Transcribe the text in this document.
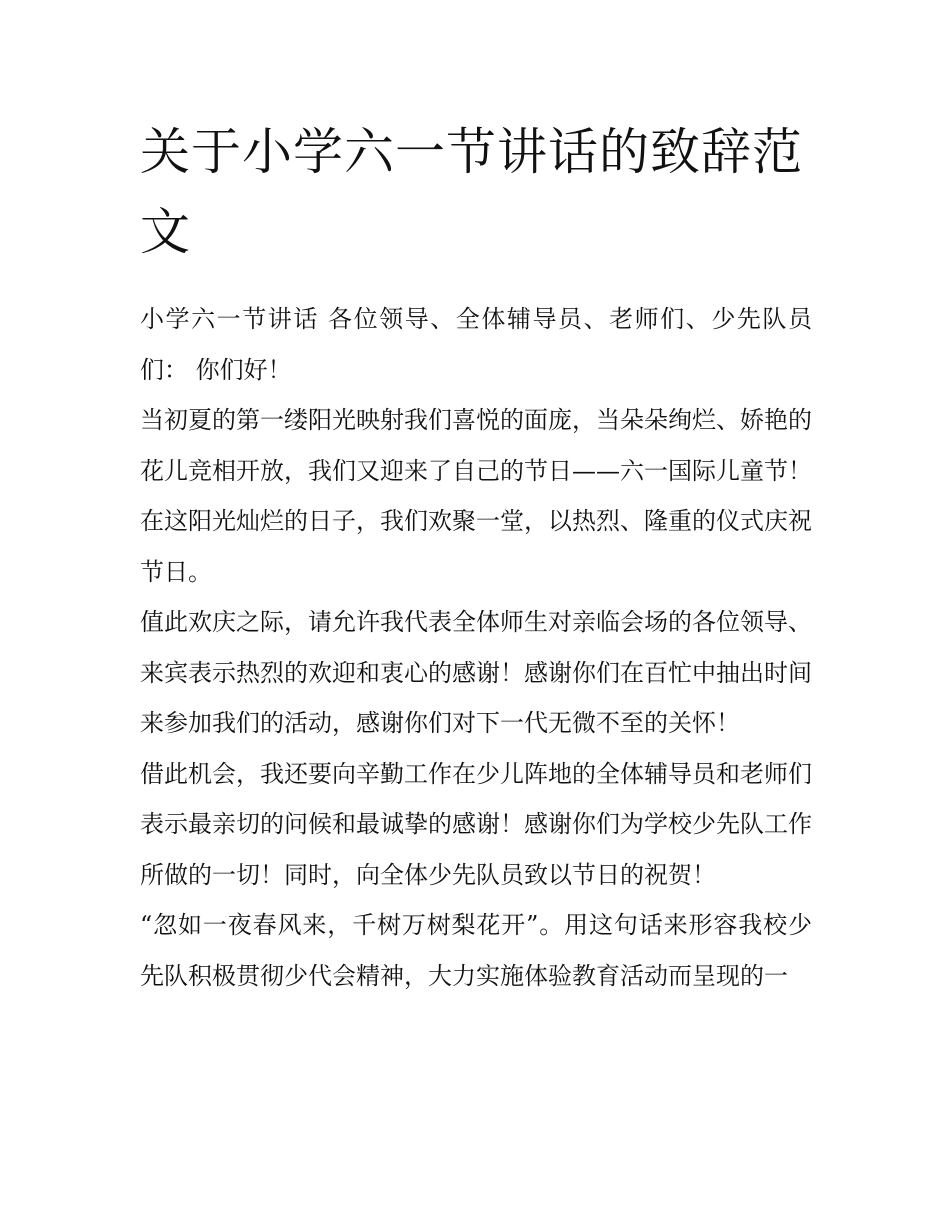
关于小学六一节讲话的致辞范文

小学六一节讲话 各位领导、全体辅导员、老师们、少先队员们： 你们好！

当初夏的第一缕阳光映射我们喜悦的面庞，当朵朵绚烂、娇艳的花儿竞相开放，我们又迎来了自己的节日——六一国际儿童节！

在这阳光灿烂的日子，我们欢聚一堂，以热烈、隆重的仪式庆祝节日。

值此欢庆之际，请允许我代表全体师生对亲临会场的各位领导、来宾表示热烈的欢迎和衷心的感谢！感谢你们在百忙中抽出时间来参加我们的活动，感谢你们对下一代无微不至的关怀！

借此机会，我还要向辛勤工作在少儿阵地的全体辅导员和老师们表示最亲切的问候和最诚挚的感谢！感谢你们为学校少先队工作所做的一切！同时，向全体少先队员致以节日的祝贺！

“忽如一夜春风来，千树万树梨花开”。用这句话来形容我校少先队积极贯彻少代会精神，大力实施体验教育活动而呈现的一
